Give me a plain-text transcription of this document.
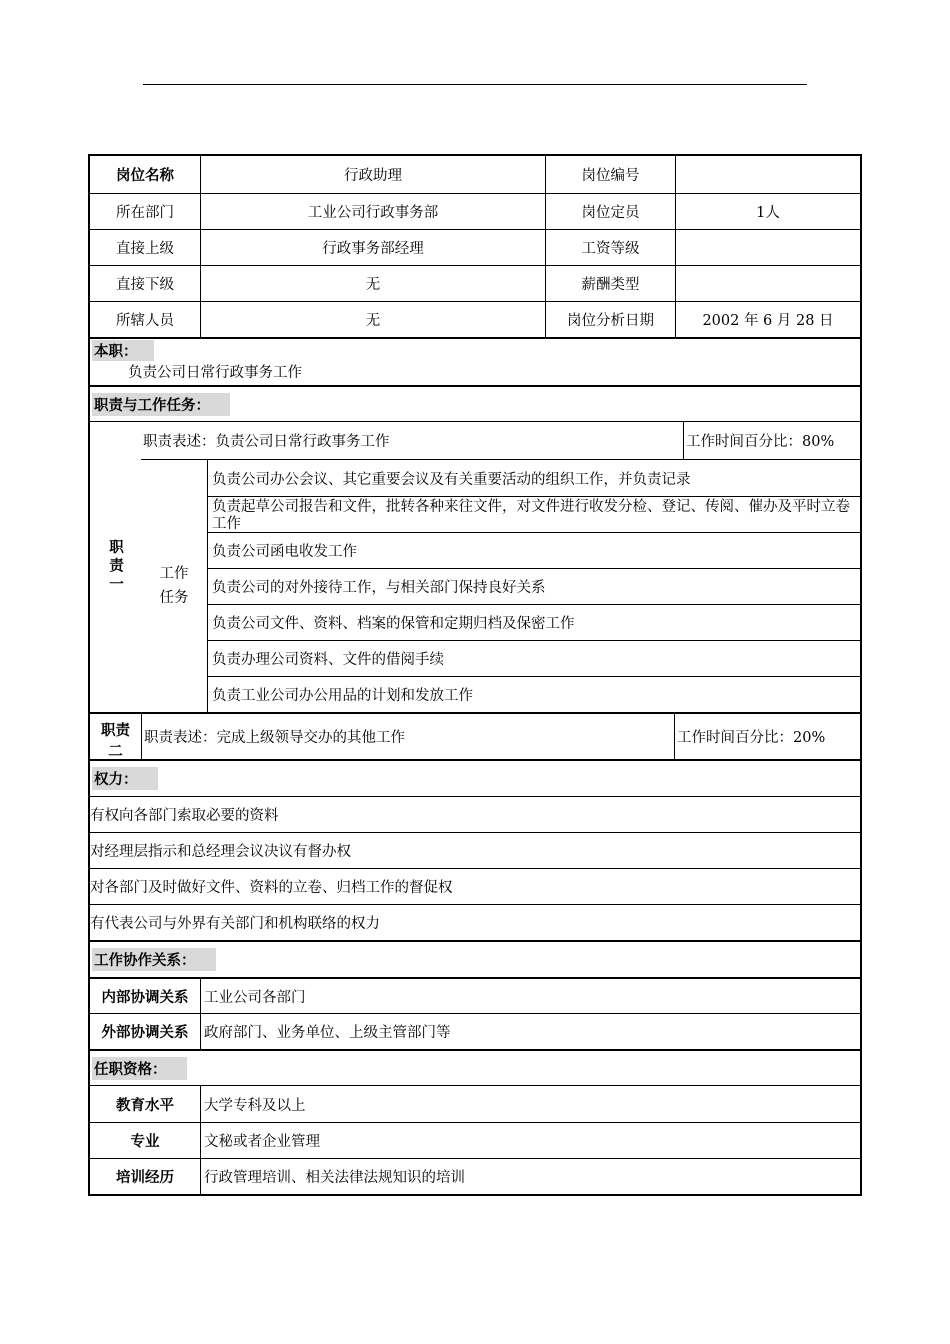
岗位名称	行政助理	岗位编号
所在部门	工业公司行政事务部	岗位定员	1人
直接上级	行政事务部经理	工资等级
直接下级	无	薪酬类型
所辖人员	无	岗位分析日期	2002 年 6 月 28 日
本职：
负责公司日常行政事务工作
职责与工作任务：
职责一
职责表述：负责公司日常行政事务工作	工作时间百分比：80%
工作任务
负责公司办公会议、其它重要会议及有关重要活动的组织工作，并负责记录
负责起草公司报告和文件，批转各种来往文件，对文件进行收发分检、登记、传阅、催办及平时立卷工作
负责公司函电收发工作
负责公司的对外接待工作，与相关部门保持良好关系
负责公司文件、资料、档案的保管和定期归档及保密工作
负责办理公司资料、文件的借阅手续
负责工业公司办公用品的计划和发放工作
职责二
职责表述：完成上级领导交办的其他工作	工作时间百分比：20%
权力：
有权向各部门索取必要的资料
对经理层指示和总经理会议决议有督办权
对各部门及时做好文件、资料的立卷、归档工作的督促权
有代表公司与外界有关部门和机构联络的权力
工作协作关系：
内部协调关系	工业公司各部门
外部协调关系	政府部门、业务单位、上级主管部门等
任职资格：
教育水平	大学专科及以上
专业	文秘或者企业管理
培训经历	行政管理培训、相关法律法规知识的培训
